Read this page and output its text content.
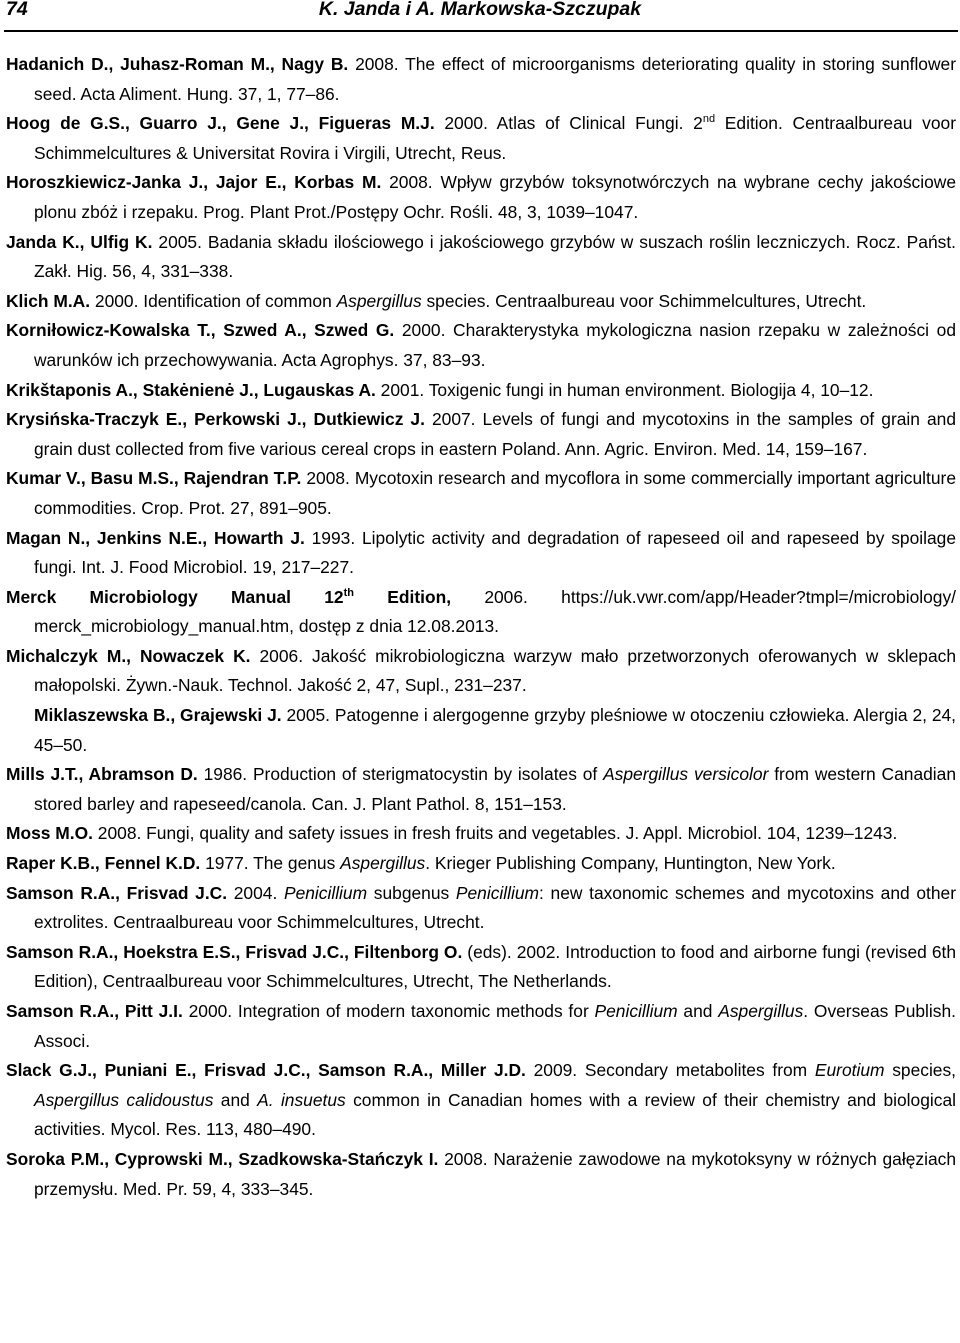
74	K. Janda i A. Markowska-Szczupak

Hadanich D., Juhasz-Roman M., Nagy B. 2008. The effect of microorganisms deteriorating quality in storing sunflower seed. Acta Aliment. Hung. 37, 1, 77–86.

Hoog de G.S., Guarro J., Gene J., Figueras M.J. 2000. Atlas of Clinical Fungi. 2nd Edition. Centraalbureau voor Schimmelcultures & Universitat Rovira i Virgili, Utrecht, Reus.

Horoszkiewicz-Janka J., Jajor E., Korbas M. 2008. Wpływ grzybów toksynotwórczych na wybrane cechy jakościowe plonu zbóż i rzepaku. Prog. Plant Prot./Postępy Ochr. Rośli. 48, 3, 1039–1047.

Janda K., Ulfig K. 2005. Badania składu ilościowego i jakościowego grzybów w suszach roślin leczniczych. Rocz. Państ. Zakł. Hig. 56, 4, 331–338.

Klich M.A. 2000. Identification of common Aspergillus species. Centraalbureau voor Schimmelcultures, Utrecht.

Korniłowicz-Kowalska T., Szwed A., Szwed G. 2000. Charakterystyka mykologiczna nasion rzepaku w zależności od warunków ich przechowywania. Acta Agrophys. 37, 83–93.

Krikštaponis A., Stakėnienė J., Lugauskas A. 2001. Toxigenic fungi in human environment. Biologija 4, 10–12.

Krysińska-Traczyk E., Perkowski J., Dutkiewicz J. 2007. Levels of fungi and mycotoxins in the samples of grain and grain dust collected from five various cereal crops in eastern Poland. Ann. Agric. Environ. Med. 14, 159–167.

Kumar V., Basu M.S., Rajendran T.P. 2008. Mycotoxin research and mycoflora in some commercially important agriculture commodities. Crop. Prot. 27, 891–905.

Magan N., Jenkins N.E., Howarth J. 1993. Lipolytic activity and degradation of rapeseed oil and rapeseed by spoilage fungi. Int. J. Food Microbiol. 19, 217–227.

Merck Microbiology Manual 12th Edition, 2006. https://uk.vwr.com/app/Header?tmpl=/microbiology/ merck_microbiology_manual.htm, dostęp z dnia 12.08.2013.

Michalczyk M., Nowaczek K. 2006. Jakość mikrobiologiczna warzyw mało przetworzonych oferowanych w sklepach małopolski. Żywn.-Nauk. Technol. Jakość 2, 47, Supl., 231–237.

Miklaszewska B., Grajewski J. 2005. Patogenne i alergogenne grzyby pleśniowe w otoczeniu człowieka. Alergia 2, 24, 45–50.

Mills J.T., Abramson D. 1986. Production of sterigmatocystin by isolates of Aspergillus versicolor from western Canadian stored barley and rapeseed/canola. Can. J. Plant Pathol. 8, 151–153.

Moss M.O. 2008. Fungi, quality and safety issues in fresh fruits and vegetables. J. Appl. Microbiol. 104, 1239–1243.

Raper K.B., Fennel K.D. 1977. The genus Aspergillus. Krieger Publishing Company, Huntington, New York.

Samson R.A., Frisvad J.C. 2004. Penicillium subgenus Penicillium: new taxonomic schemes and mycotoxins and other extrolites. Centraalbureau voor Schimmelcultures, Utrecht.

Samson R.A., Hoekstra E.S., Frisvad J.C., Filtenborg O. (eds). 2002. Introduction to food and airborne fungi (revised 6th Edition), Centraalbureau voor Schimmelcultures, Utrecht, The Netherlands.

Samson R.A., Pitt J.I. 2000. Integration of modern taxonomic methods for Penicillium and Aspergillus. Overseas Publish. Associ.

Slack G.J., Puniani E., Frisvad J.C., Samson R.A., Miller J.D. 2009. Secondary metabolites from Eurotium species, Aspergillus calidoustus and A. insuetus common in Canadian homes with a review of their chemistry and biological activities. Mycol. Res. 113, 480–490.

Soroka P.M., Cyprowski M., Szadkowska-Stańczyk I. 2008. Narażenie zawodowe na mykotoksyny w różnych gałęziach przemysłu. Med. Pr. 59, 4, 333–345.
